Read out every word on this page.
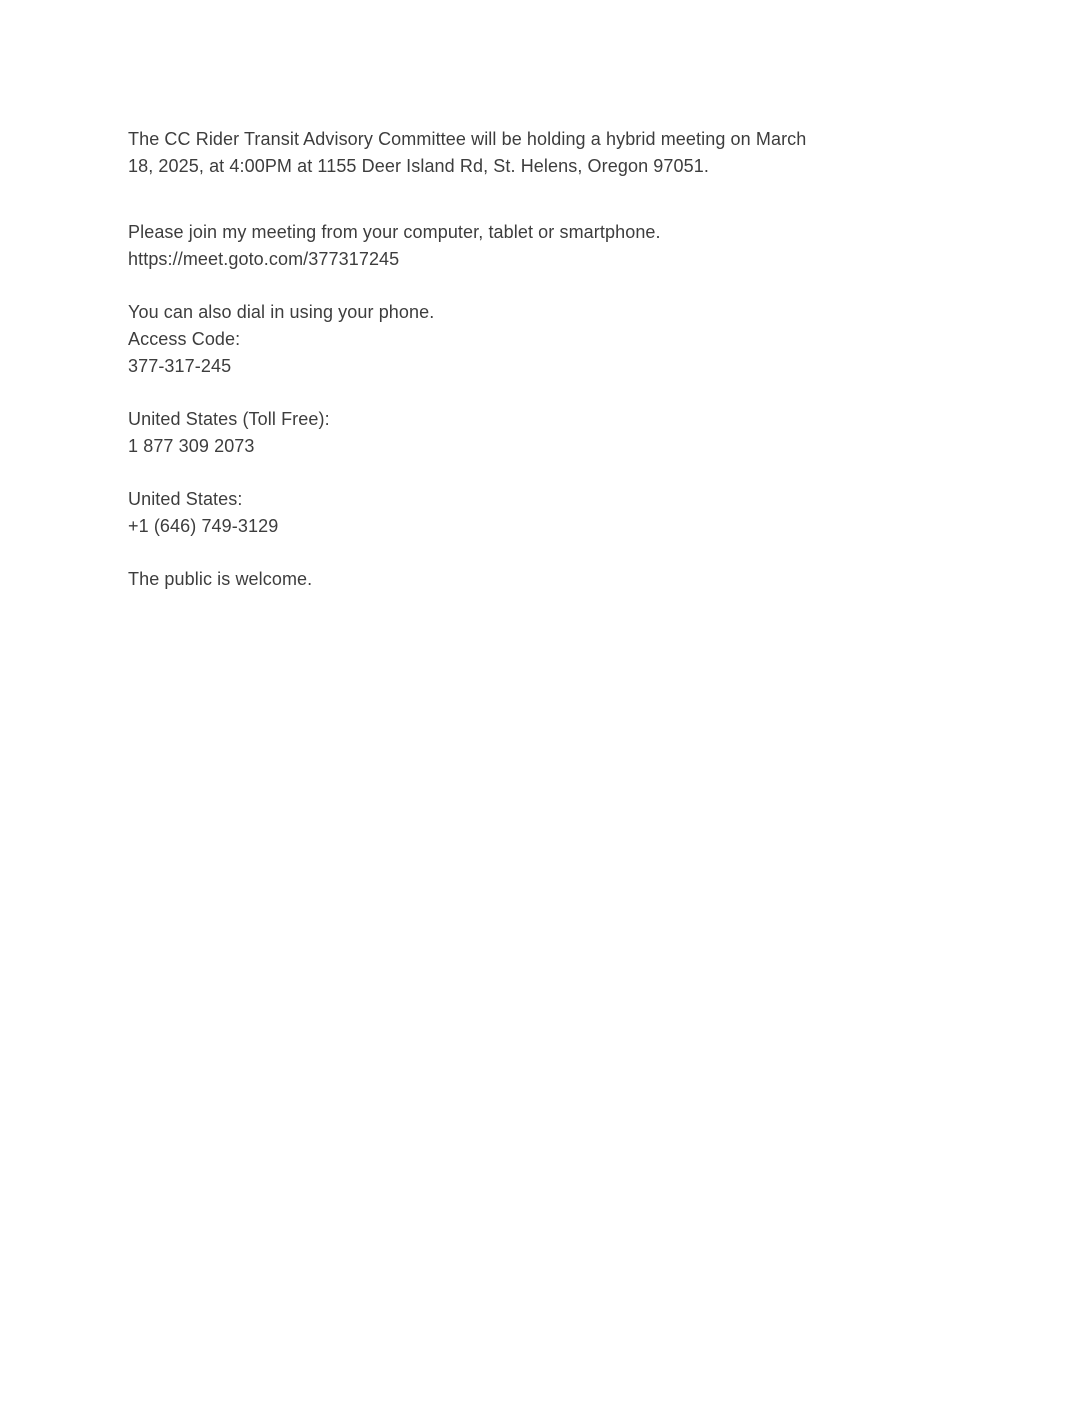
The CC Rider Transit Advisory Committee will be holding a hybrid meeting on March
18, 2025, at 4:00PM at 1155 Deer Island Rd, St. Helens, Oregon 97051.
Please join my meeting from your computer, tablet or smartphone.
https://meet.goto.com/377317245
You can also dial in using your phone.
Access Code:
377-317-245
United States (Toll Free):
1 877 309 2073
United States:
+1 (646) 749-3129
The public is welcome.
